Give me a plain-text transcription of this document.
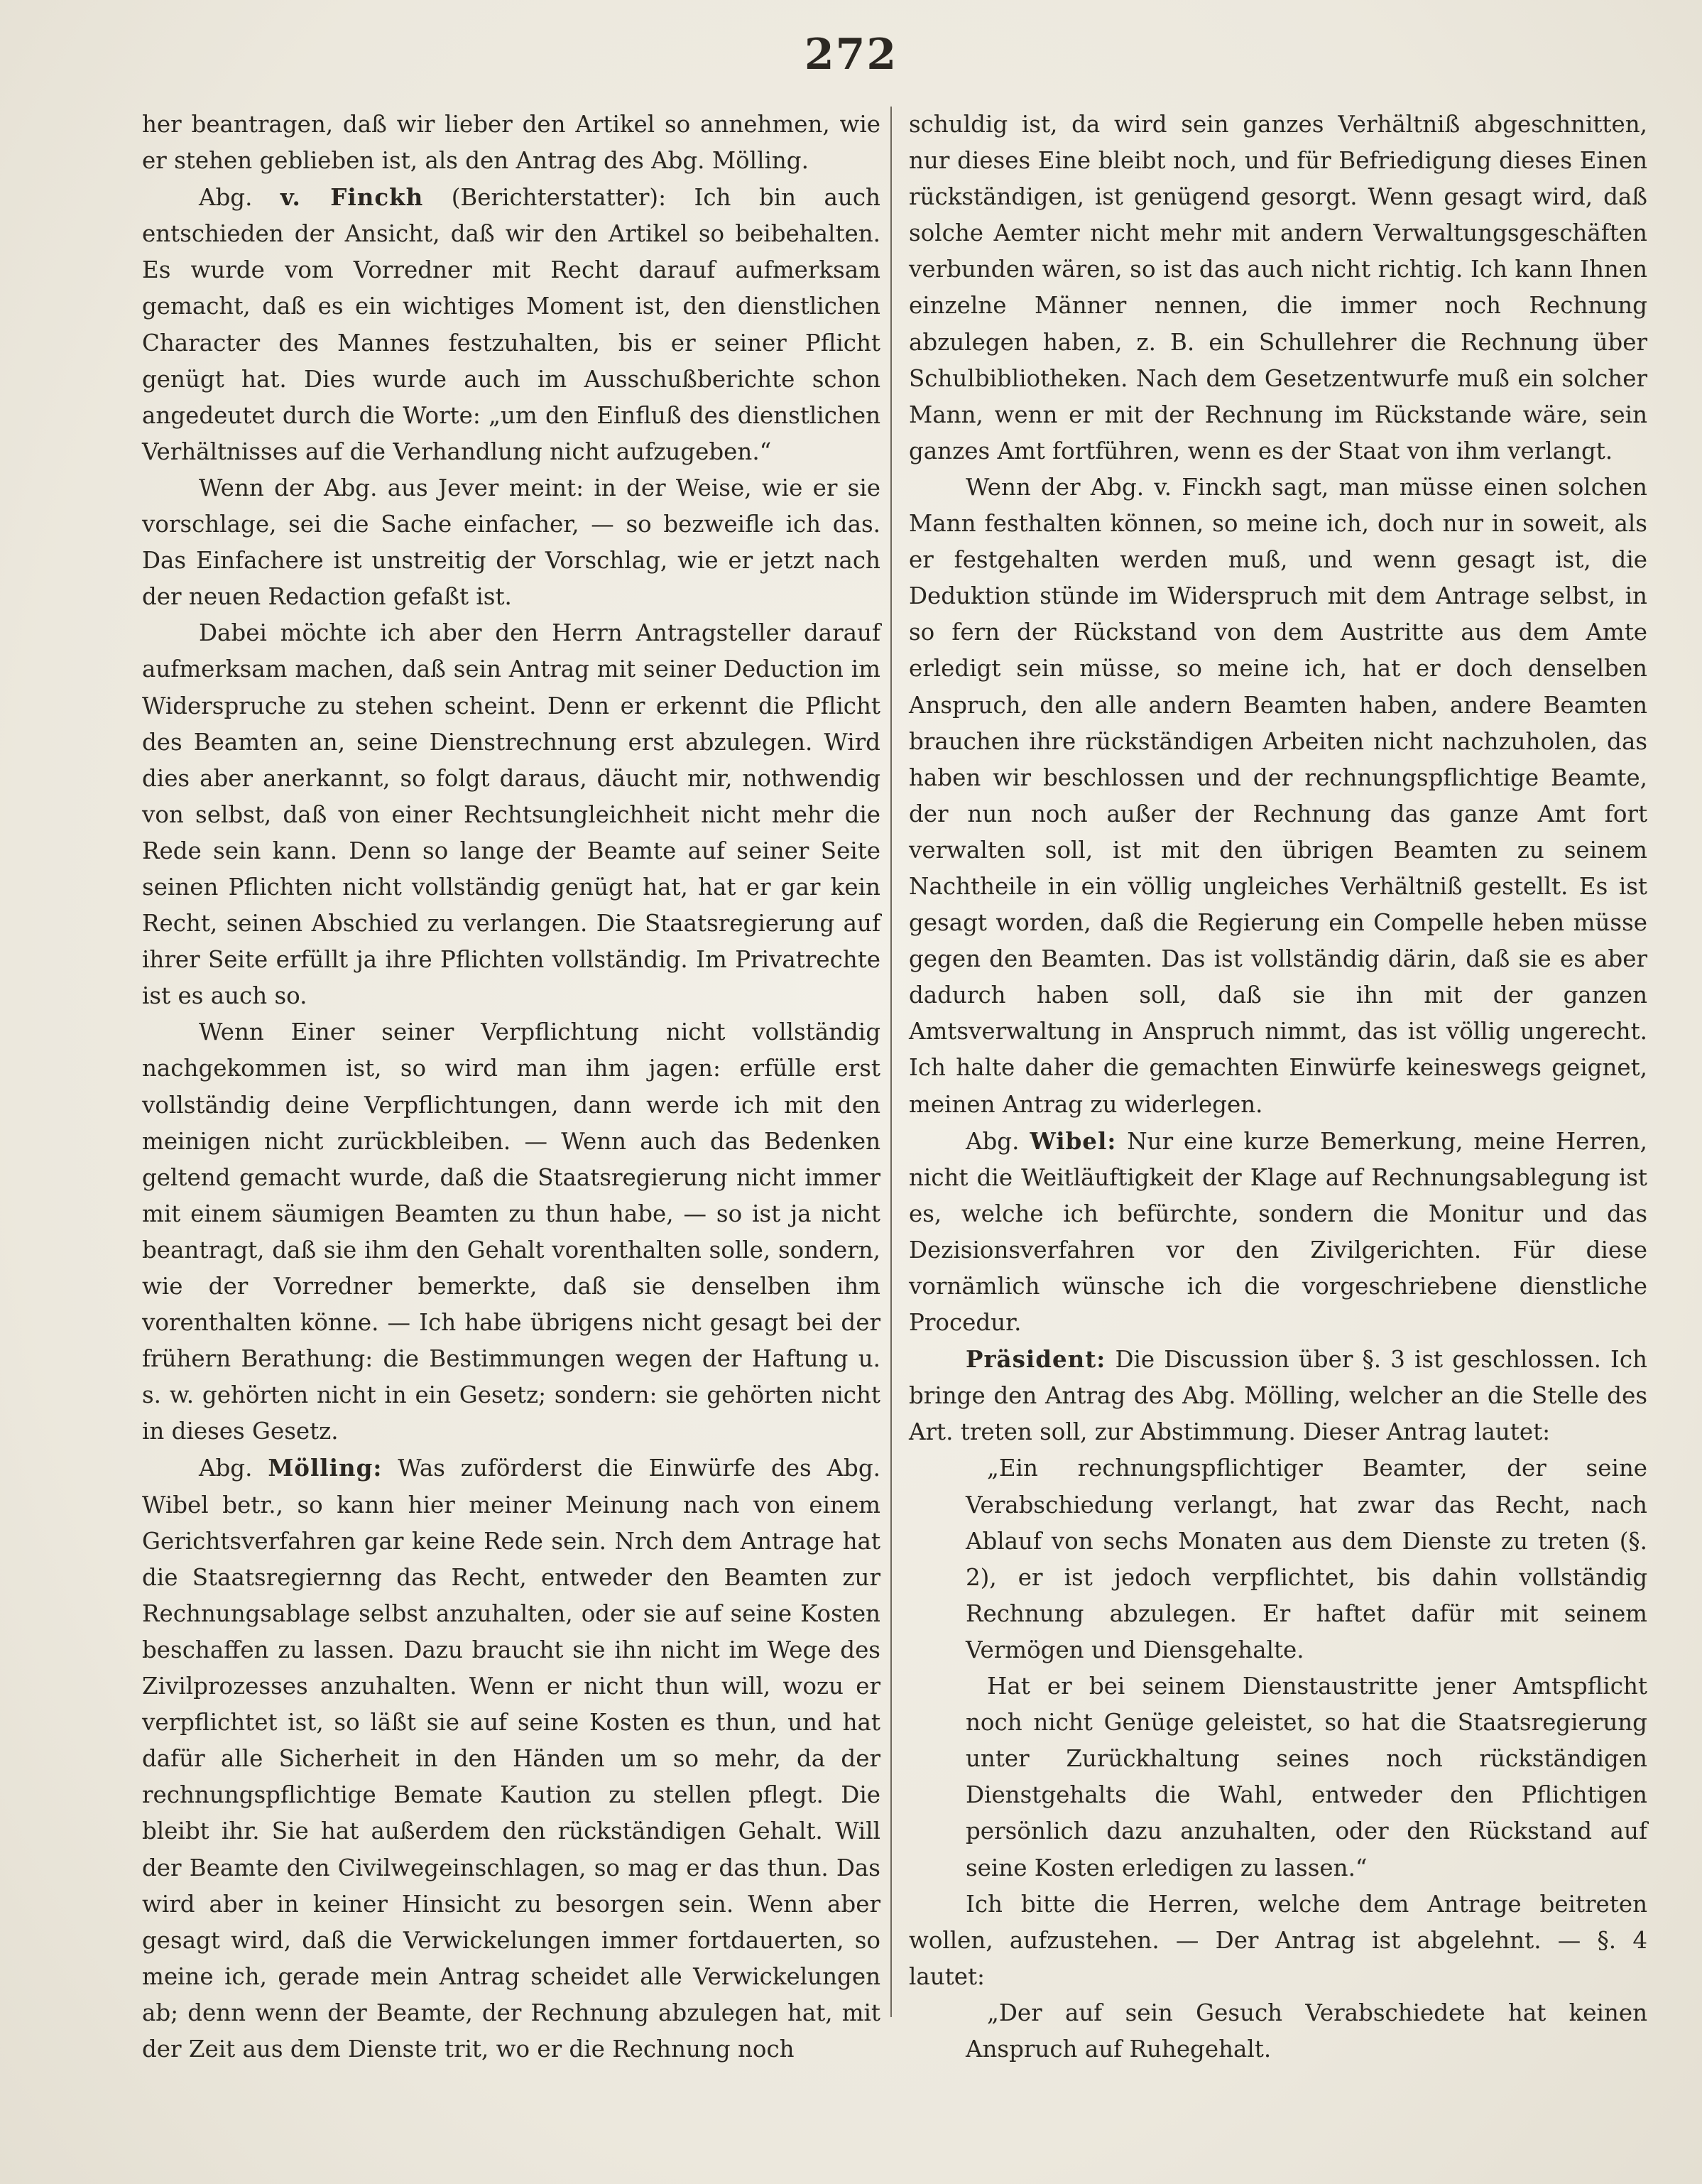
272

her beantragen, daß wir lieber den Artikel so annehmen, wie er stehen geblieben ist, als den Antrag des Abg. Mölling.

Abg. v. Finckh (Berichterstatter): Ich bin auch entschieden der Ansicht, daß wir den Artikel so beibehalten. Es wurde vom Vorredner mit Recht darauf aufmerksam gemacht, daß es ein wichtiges Moment ist, den dienstlichen Character des Mannes festzuhalten, bis er seiner Pflicht genügt hat. Dies wurde auch im Ausschußberichte schon angedeutet durch die Worte: „um den Einfluß des dienstlichen Verhältnisses auf die Verhandlung nicht aufzugeben.“

Wenn der Abg. aus Jever meint: in der Weise, wie er sie vorschlage, sei die Sache einfacher, — so bezweifle ich das. Das Einfachere ist unstreitig der Vorschlag, wie er jetzt nach der neuen Redaction gefaßt ist.

Dabei möchte ich aber den Herrn Antragsteller darauf aufmerksam machen, daß sein Antrag mit seiner Deduction im Widerspruche zu stehen scheint. Denn er erkennt die Pflicht des Beamten an, seine Dienstrechnung erst abzulegen. Wird dies aber anerkannt, so folgt daraus, däucht mir, nothwendig von selbst, daß von einer Rechtsungleichheit nicht mehr die Rede sein kann. Denn so lange der Beamte auf seiner Seite seinen Pflichten nicht vollständig genügt hat, hat er gar kein Recht, seinen Abschied zu verlangen. Die Staatsregierung auf ihrer Seite erfüllt ja ihre Pflichten vollständig. Im Privatrechte ist es auch so.

Wenn Einer seiner Verpflichtung nicht vollständig nachgekommen ist, so wird man ihm jagen: erfülle erst vollständig deine Verpflichtungen, dann werde ich mit den meinigen nicht zurückbleiben. — Wenn auch das Bedenken geltend gemacht wurde, daß die Staatsregierung nicht immer mit einem säumigen Beamten zu thun habe, — so ist ja nicht beantragt, daß sie ihm den Gehalt vorenthalten solle, sondern, wie der Vorredner bemerkte, daß sie denselben ihm vorenthalten könne. — Ich habe übrigens nicht gesagt bei der frühern Berathung: die Bestimmungen wegen der Haftung u. s. w. gehörten nicht in ein Gesetz; sondern: sie gehörten nicht in dieses Gesetz.

Abg. Mölling: Was zuförderst die Einwürfe des Abg. Wibel betr., so kann hier meiner Meinung nach von einem Gerichtsverfahren gar keine Rede sein. Nrch dem Antrage hat die Staatsregiernng das Recht, entweder den Beamten zur Rechnungsablage selbst anzuhalten, oder sie auf seine Kosten beschaffen zu lassen. Dazu braucht sie ihn nicht im Wege des Zivilprozesses anzuhalten. Wenn er nicht thun will, wozu er verpflichtet ist, so läßt sie auf seine Kosten es thun, und hat dafür alle Sicherheit in den Händen um so mehr, da der rechnungspflichtige Bemate Kaution zu stellen pflegt. Die bleibt ihr. Sie hat außerdem den rückständigen Gehalt. Will der Beamte den Civilwegeinschlagen, so mag er das thun. Das wird aber in keiner Hinsicht zu besorgen sein. Wenn aber gesagt wird, daß die Verwickelungen immer fortdauerten, so meine ich, gerade mein Antrag scheidet alle Verwickelungen ab; denn wenn der Beamte, der Rechnung abzulegen hat, mit der Zeit aus dem Dienste trit, wo er die Rechnung noch

schuldig ist, da wird sein ganzes Verhältniß abgeschnitten, nur dieses Eine bleibt noch, und für Befriedigung dieses Einen rückständigen, ist genügend gesorgt. Wenn gesagt wird, daß solche Aemter nicht mehr mit andern Verwaltungsgeschäften verbunden wären, so ist das auch nicht richtig. Ich kann Ihnen einzelne Männer nennen, die immer noch Rechnung abzulegen haben, z. B. ein Schullehrer die Rechnung über Schulbibliotheken. Nach dem Gesetzentwurfe muß ein solcher Mann, wenn er mit der Rechnung im Rückstande wäre, sein ganzes Amt fortführen, wenn es der Staat von ihm verlangt.

Wenn der Abg. v. Finckh sagt, man müsse einen solchen Mann festhalten können, so meine ich, doch nur in soweit, als er festgehalten werden muß, und wenn gesagt ist, die Deduktion stünde im Widerspruch mit dem Antrage selbst, in so fern der Rückstand von dem Austritte aus dem Amte erledigt sein müsse, so meine ich, hat er doch denselben Anspruch, den alle andern Beamten haben, andere Beamten brauchen ihre rückständigen Arbeiten nicht nachzuholen, das haben wir beschlossen und der rechnungspflichtige Beamte, der nun noch außer der Rechnung das ganze Amt fort verwalten soll, ist mit den übrigen Beamten zu seinem Nachtheile in ein völlig ungleiches Verhältniß gestellt. Es ist gesagt worden, daß die Regierung ein Compelle heben müsse gegen den Beamten. Das ist vollständig därin, daß sie es aber dadurch haben soll, daß sie ihn mit der ganzen Amtsverwaltung in Anspruch nimmt, das ist völlig ungerecht. Ich halte daher die gemachten Einwürfe keineswegs geignet, meinen Antrag zu widerlegen.

Abg. Wibel: Nur eine kurze Bemerkung, meine Herren, nicht die Weitläuftigkeit der Klage auf Rechnungsablegung ist es, welche ich befürchte, sondern die Monitur und das Dezisionsverfahren vor den Zivilgerichten. Für diese vornämlich wünsche ich die vorgeschriebene dienstliche Procedur.

Präsident: Die Discussion über §. 3 ist geschlossen. Ich bringe den Antrag des Abg. Mölling, welcher an die Stelle des Art. treten soll, zur Abstimmung. Dieser Antrag lautet:

„Ein rechnungspflichtiger Beamter, der seine Verabschiedung verlangt, hat zwar das Recht, nach Ablauf von sechs Monaten aus dem Dienste zu treten (§. 2), er ist jedoch verpflichtet, bis dahin vollständig Rechnung abzulegen. Er haftet dafür mit seinem Vermögen und Diensgehalte.

Hat er bei seinem Dienstaustritte jener Amtspflicht noch nicht Genüge geleistet, so hat die Staatsregierung unter Zurückhaltung seines noch rückständigen Dienstgehalts die Wahl, entweder den Pflichtigen persönlich dazu anzuhalten, oder den Rückstand auf seine Kosten erledigen zu lassen.“

Ich bitte die Herren, welche dem Antrage beitreten wollen, aufzustehen. — Der Antrag ist abgelehnt. — §. 4 lautet:

„Der auf sein Gesuch Verabschiedete hat keinen Anspruch auf Ruhegehalt.
